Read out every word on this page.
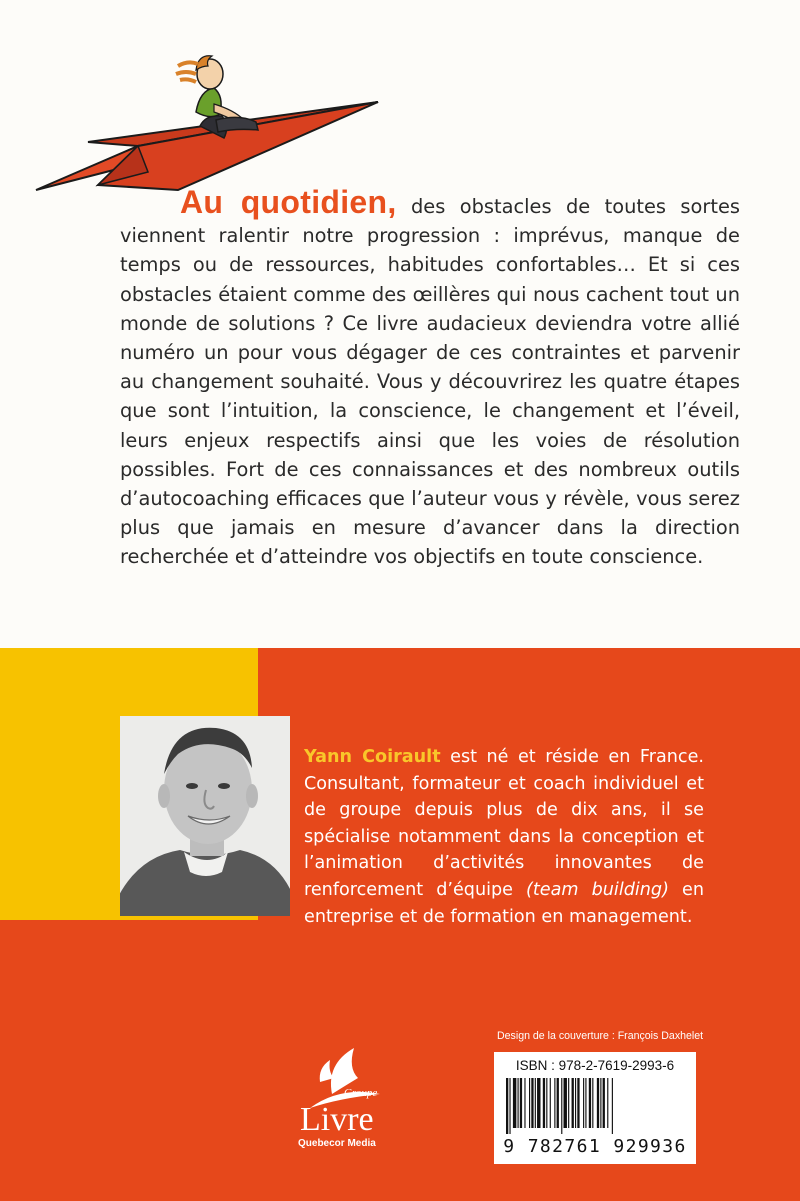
Au quotidien, des obstacles de toutes sortes viennent ralentir notre progression : imprévus, manque de temps ou de ressources, habitudes confortables… Et si ces obstacles étaient comme des œillères qui nous cachent tout un monde de solutions ? Ce livre audacieux deviendra votre allié numéro un pour vous dégager de ces contraintes et parvenir au changement souhaité. Vous y découvrirez les quatre étapes que sont l’intuition, la conscience, le changement et l’éveil, leurs enjeux respectifs ainsi que les voies de résolution possibles. Fort de ces connaissances et des nombreux outils d’autocoaching efficaces que l’auteur vous y révèle, vous serez plus que jamais en mesure d’avancer dans la direction recherchée et d’atteindre vos objectifs en toute conscience.

Yann Coirault est né et réside en France. Consultant, formateur et coach individuel et de groupe depuis plus de dix ans, il se spécialise notamment dans la conception et l’animation d’activités innovantes de renforcement d’équipe (team building) en entreprise et de formation en management.

Groupe
Livre
Quebecor Media

Design de la couverture : François Daxhelet

ISBN : 978-2-7619-2993-6

9 782761 929936
